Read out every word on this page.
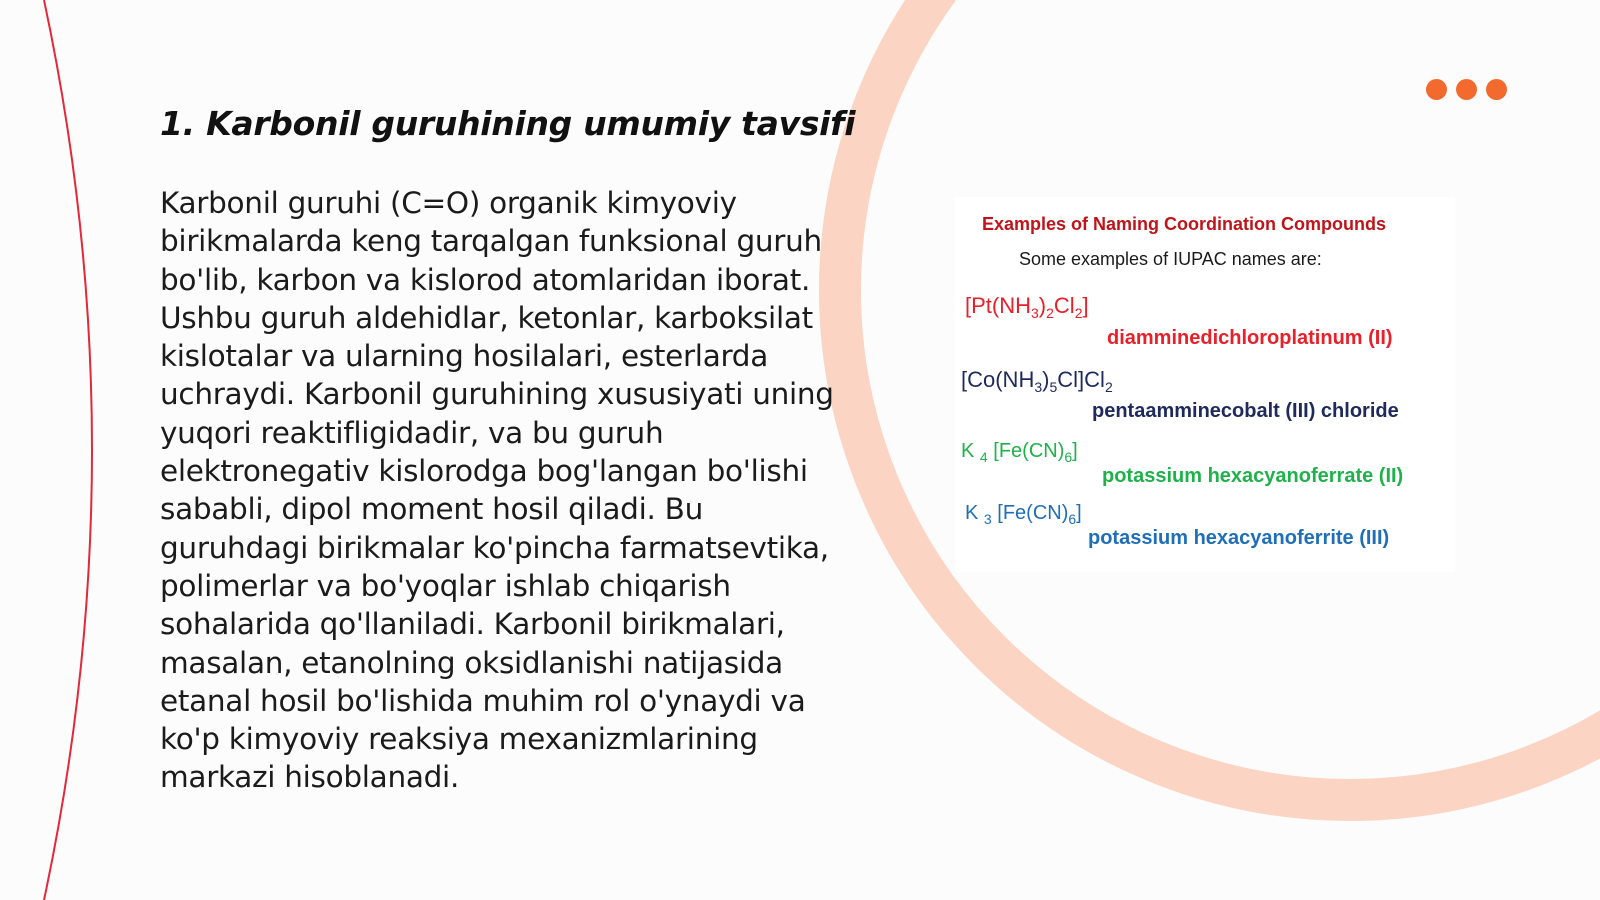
1. Karbonil guruhining umumiy tavsifi

Karbonil guruhi (C=O) organik kimyoviy birikmalarda keng tarqalgan funksional guruh bo'lib, karbon va kislorod atomlaridan iborat. Ushbu guruh aldehidlar, ketonlar, karboksilat kislotalar va ularning hosilalari, esterlarda uchraydi. Karbonil guruhining xususiyati uning yuqori reaktifligidadir, va bu guruh elektronegativ kislorodga bog'langan bo'lishi sababli, dipol moment hosil qiladi. Bu guruhdagi birikmalar ko'pincha farmatsevtika, polimerlar va bo'yoqlar ishlab chiqarish sohalarida qo'llaniladi. Karbonil birikmalari, masalan, etanolning oksidlanishi natijasida etanal hosil bo'lishida muhim rol o'ynaydi va ko'p kimyoviy reaksiya mexanizmlarining markazi hisoblanadi.

Examples of Naming Coordination Compounds
Some examples of IUPAC names are:
$[Pt(NH_3)_2Cl_2]$
diamminedichloroplatinum (II)
$[Co(NH_3)_5Cl]Cl_2$
pentaamminecobalt (III) chloride
K $_4$ $[Fe(CN)_6]$
potassium hexacyanoferrate (II)
K $_3$ $[Fe(CN)_6]$
potassium hexacyanoferrite (III)
